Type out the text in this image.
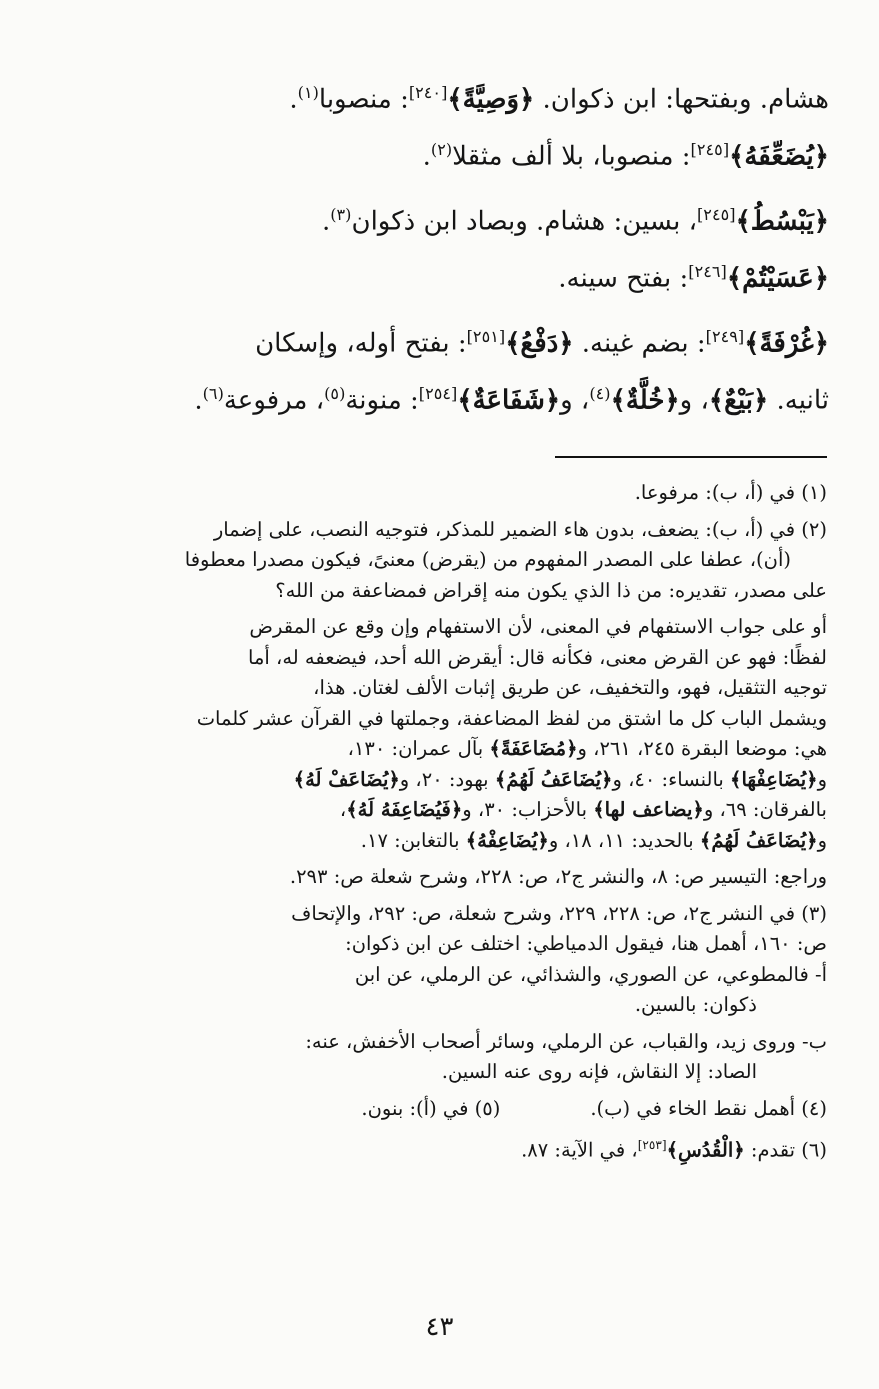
هشام. وبفتحها: ابن ذكوان. ﴿وَصِيَّةً﴾[٢٤٠]: منصوبا$^{(١)}$.

﴿يُضَعِّفَهُ﴾[٢٤٥]: منصوبا، بلا ألف مثقلا$^{(٢)}$.

﴿يَبْسُطُ﴾[٢٤٥]، بسين: هشام. وبصاد ابن ذكوان$^{(٣)}$.

﴿عَسَيْتُمْ﴾[٢٤٦]: بفتح سينه.

﴿غُرْفَةً﴾[٢٤٩]: بضم غينه. ﴿دَفْعُ﴾[٢٥١]: بفتح أوله، وإسكان

ثانيه. ﴿بَيْعٌ﴾، و﴿خُلَّةٌ﴾$^{(٤)}$، و﴿شَفَاعَةٌ﴾[٢٥٤]: منونة$^{(٥)}$، مرفوعة$^{(٦)}$.

(١) في (أ، ب): مرفوعا.

(٢) في (أ، ب): يضعف، بدون هاء الضمير للمذكر، فتوجيه النصب، على إضمار

(أن)، عطفا على المصدر المفهوم من (يقرض) معنىً، فيكون مصدرا معطوفا

على مصدر، تقديره: من ذا الذي يكون منه إقراض فمضاعفة من الله؟

أو على جواب الاستفهام في المعنى، لأن الاستفهام وإن وقع عن المقرض

لفظًا: فهو عن القرض معنى، فكأنه قال: أيقرض الله أحد، فيضعفه له، أما

توجيه التثقيل، فهو، والتخفيف، عن طريق إثبات الألف لغتان. هذا،

ويشمل الباب كل ما اشتق من لفظ المضاعفة، وجملتها في القرآن عشر كلمات

هي: موضعا البقرة ٢٤٥، ٢٦١، و﴿مُضَاعَفَةً﴾ بآل عمران: ١٣٠،

و﴿يُضَاعِفْهَا﴾ بالنساء: ٤٠، و﴿يُضَاعَفُ لَهُمُ﴾ بهود: ٢٠، و﴿يُضَاعَفْ لَهُ﴾

بالفرقان: ٦٩، و﴿يضاعف لها﴾ بالأحزاب: ٣٠، و﴿فَيُضَاعِفَهُ لَهُ﴾،

و﴿يُضَاعَفُ لَهُمُ﴾ بالحديد: ١١، ١٨، و﴿يُضَاعِفْهُ﴾ بالتغابن: ١٧.

وراجع: التيسير ص: ٨، والنشر ج٢، ص: ٢٢٨، وشرح شعلة ص: ٢٩٣.

(٣) في النشر ج٢، ص: ٢٢٨، ٢٢٩، وشرح شعلة، ص: ٢٩٢، والإتحاف

ص: ١٦٠، أهمل هنا، فيقول الدمياطي: اختلف عن ابن ذكوان:

أ- فالمطوعي، عن الصوري، والشذائي، عن الرملي، عن ابن

ذكوان: بالسين.

ب- وروى زيد، والقباب، عن الرملي، وسائر أصحاب الأخفش، عنه:

الصاد: إلا النقاش، فإنه روى عنه السين.

(٤) أهمل نقط الخاء في (ب).
(٥) في (أ): بنون.

(٦) تقدم: ﴿الْقُدُسِ﴾[٢٥٣]، في الآية: ٨٧.

٤٣
